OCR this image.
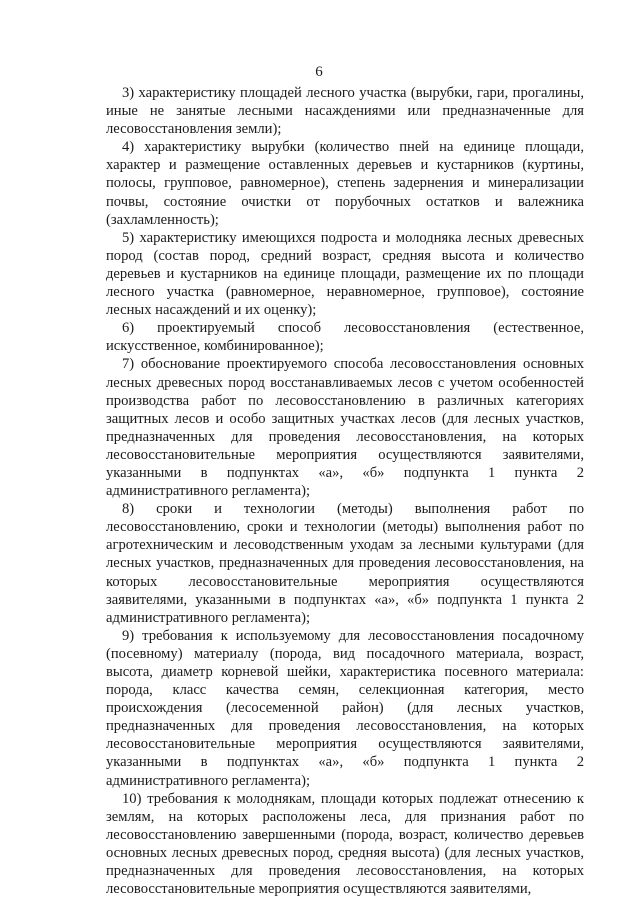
6

3) характеристику площадей лесного участка (вырубки, гари, прогалины, иные не занятые лесными насаждениями или предназначенные для лесовосстановления земли);

4) характеристику вырубки (количество пней на единице площади, характер и размещение оставленных деревьев и кустарников (куртины, полосы, групповое, равномерное), степень задернения и минерализации почвы, состояние очистки от порубочных остатков и валежника (захламленность);

5) характеристику имеющихся подроста и молодняка лесных древесных пород (состав пород, средний возраст, средняя высота и количество деревьев и кустарников на единице площади, размещение их по площади лесного участка (равномерное, неравномерное, групповое), состояние лесных насаждений и их оценку);

6) проектируемый способ лесовосстановления (естественное, искусственное, комбинированное);

7) обоснование проектируемого способа лесовосстановления основных лесных древесных пород восстанавливаемых лесов с учетом особенностей производства работ по лесовосстановлению в различных категориях защитных лесов и особо защитных участках лесов (для лесных участков, предназначенных для проведения лесовосстановления, на которых лесовосстановительные мероприятия осуществляются заявителями, указанными в подпунктах «а», «б» подпункта 1 пункта 2 административного регламента);

8) сроки и технологии (методы) выполнения работ по лесовосстановлению, сроки и технологии (методы) выполнения работ по агротехническим и лесоводственным уходам за лесными культурами (для лесных участков, предназначенных для проведения лесовосстановления, на которых лесовосстановительные мероприятия осуществляются заявителями, указанными в подпунктах «а», «б» подпункта 1 пункта 2 административного регламента);

9) требования к используемому для лесовосстановления посадочному (посевному) материалу (порода, вид посадочного материала, возраст, высота, диаметр корневой шейки, характеристика посевного материала: порода, класс качества семян, селекционная категория, место происхождения (лесосеменной район) (для лесных участков, предназначенных для проведения лесовосстановления, на которых лесовосстановительные мероприятия осуществляются заявителями, указанными в подпунктах «а», «б» подпункта 1 пункта 2 административного регламента);

10) требования к молоднякам, площади которых подлежат отнесению к землям, на которых расположены леса, для признания работ по лесовосстановлению завершенными (порода, возраст, количество деревьев основных лесных древесных пород, средняя высота) (для лесных участков, предназначенных для проведения лесовосстановления, на которых лесовосстановительные мероприятия осуществляются заявителями,
